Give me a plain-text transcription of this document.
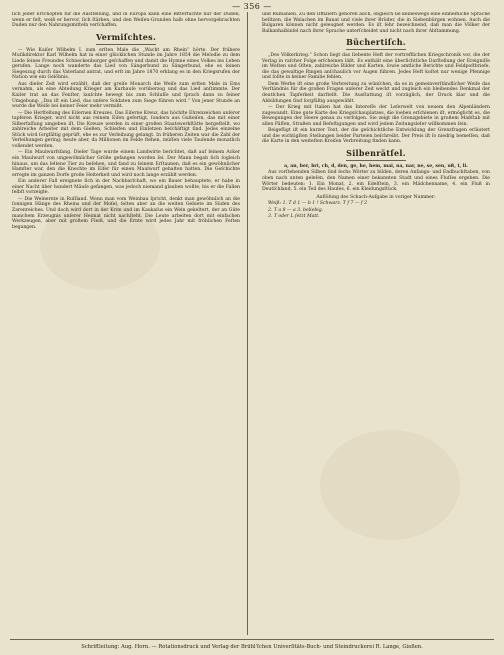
— 356 —

ſich jeder Erſchöpfen für die Ausſtellung, und in Europa kann eine Bitterfuchte nur der Duden, wenn er feſt, weiß er hervor, ſich ſtärken, und den Weiſen-Grunden halb ohne bervorgebrachten Duden nur den Nahrungsmitteln verſchaffen.

Vermiſchtes.

— Wie Kaiſer Wilhelm I. zum erſten Male die „Wacht am Rhein“ hörte. Der frühere Muſikdirektor Karl Wilhelm hat in einer glücklichen Stunde im Jahre 1854 die Melodie zu dem Liede ſeines Freundes Schneckenburger geſchaffen und damit die Hymne eines Volkes ins Leben gerufen. Lange noch wanderte das Lied von Sängerbund zu Sängerbund, ehe es ſeinen Siegeszug durch das Vaterland antrat, und erſt im Jahre 1870 erklang es in den Kriegsrufen der Nation wie ein Gelöbnis.

Aus dieſer Zeit wird erzählt, daß der greiſe Monarch die Weiſe zum erſten Male in Ems vernahm, als eine Abteilung Krieger am Kurhauſe vorüberzog und das Lied anſtimmte. Der Kaiſer trat an das Fenſter, lauſchte bewegt bis zum Schluſſe und ſprach dann zu ſeiner Umgebung: „Das iſt ein Lied, das unſere Soldaten zum Siege führen wird.“ Von jener Stunde an wurde die Weiſe bei keiner Feier mehr vermißt.

— Die Herſtellung des Eiſernen Kreuzes. Das Eiſerne Kreuz, das höchſte Ehrenzeichen unſerer tapferen Krieger, wird nicht aus reinem Eiſen gefertigt, ſondern aus Gußeiſen, das mit einer Silberfaſſung umgeben iſt. Die Kreuze werden in einer großen Staatswerkſtätte hergeſtellt, wo zahlreiche Arbeiter mit dem Gießen, Schleifen und Einſetzen beſchäftigt ſind. Jedes einzelne Stück wird ſorgfältig geprüft, ehe es zur Verleihung gelangt. In früheren Zeiten war die Zahl der Verleihungen gering; heute aber, da Millionen im Felde ſtehen, müſſen viele Tauſende monatlich vollendet werden.

— Ein Maulwurfsfang. Dieſer Tage wurde einem Landwirte berichtet, daß auf ſeinem Acker ein Maulwurf von ungewöhnlicher Größe gefangen worden ſei. Der Mann begab ſich ſogleich hinaus, um das ſeltene Tier zu beſehen, und fand zu ſeinem Erſtaunen, daß es ein gewöhnlicher Hamſter war, den die Knechte im Eifer für einen Maulwurf gehalten hatten. Die Geſchichte erregte im ganzen Dorfe große Heiterkeit und wird noch lange erzählt werden.

Ein anderer Fall ereignete ſich in der Nachbarſchaft, wo ein Bauer behauptete, er habe in einer Nacht über hundert Mäuſe gefangen, was jedoch niemand glauben wollte, bis er die Fallen ſelbſt vorzeigte.

— Die Weinernte in Ruſſland. Wenn man vom Weinbau ſpricht, denkt man gewöhnlich an die ſonnigen Hänge des Rheins und der Moſel, ſelten aber an die weiten Gebiete im Süden des Zarenreiches. Und doch wird dort in der Krim und im Kaukaſus ein Wein gekeltert, der an Güte manchem Erzeugnis unſerer Heimat nicht nachſteht. Die Leute arbeiten dort mit einfachen Werkzeugen, aber mit großem Fleiß, und die Ernte wird jedes Jahr mit fröhlichen Feſten begangen.

und Rumänien. Zu den Offiziern gehören auch, obgleich ſie keineswegs eine einheitliche Sprache beſitzen, die Walachen im Banat und viele ihrer Brüder, die in Siebenbürgen wohnen. Auch die Bulgaren können nicht geleugnet werden. Es iſt ſehr bezeichnend, daß man die Völker der Balkanhalbinſel nach ihrer Sprache unterſcheidet und nicht nach ihrer Abſtammung.

Büchertiſch.

„Des Völkerkrieg.“ Schon liegt das ſiebente Heft der vortrefflichen Kriegschronik vor, die der Verlag in raſcher Folge erſcheinen läßt. Es enthält eine überſichtliche Darſtellung der Ereigniſſe im Weſten und Oſten, zahlreiche Bilder und Karten, ſowie amtliche Berichte und Feldpoſtbriefe, die das gewaltige Ringen anſchaulich vor Augen führen. Jedes Heft koſtet nur wenige Pfennige und ſollte in keiner Familie fehlen.

Dem Werke iſt eine große Verbreitung zu wünſchen, da es in gemeinverſtändlicher Weiſe das Verſtändnis für die großen Fragen unſerer Zeit weckt und zugleich ein bleibendes Denkmal der deutſchen Tapferkeit darſtellt. Die Ausſtattung iſt vorzüglich, der Druck klar und die Abbildungen ſind ſorgfältig ausgewählt.

— Der Krieg mit Italien hat das Intereſſe der Leſerwelt von neuem den Alpenländern zugewandt. Eine gute Karte des Kriegsſchauplatzes, die ſoeben erſchienen iſt, ermöglicht es, die Bewegungen der Heere genau zu verfolgen. Sie zeigt die Grenzgebiete in großem Maßſtab mit allen Päſſen, Straßen und Befeſtigungen und wird jedem Zeitungsleſer willkommen ſein.

Beigefügt iſt ein kurzer Text, der die geſchichtliche Entwicklung der Grenzfragen erläutert und die wichtigſten Stellungen beider Parteien beſchreibt. Der Preis iſt ſo niedrig bemeſſen, daß die Karte in den weiteſten Kreiſen Verbreitung finden kann.

Silbenrätſel.

a, an, ber, bri, ch, d, den, ge, he, hem, mai, na, nar, ne, se, sen, uß, t, li.

Aus vorſtehenden Silben ſind ſechs Wörter zu bilden, deren Anfangs- und Endbuchſtaben, von oben nach unten geleſen, den Namen einer bekannten Stadt und eines Fluſſes ergeben. Die Wörter bedeuten: 1. Ein Monat, 2. ein Edelſtein, 3. ein Mädchenname, 4. ein Fluß in Deutſchland, 5. ein Teil des Hauſes, 6. ein Kleidungsſtück.

Auflöſung des Schach-Aufgabe in voriger Nummer:

Weiß: 1. T d 1 — b 1 ! Schwarz. T f 7 — f 2

2. T a 8 — a 3. beliebig.

3. T oder L ſetzt Matt.

Schriftleitung: Aug. Horn. — Rotationsdruck und Verlag der Brühl'ſchen Univerſitäts-Buch- und Steindruckerei R. Lange, Gießen.
